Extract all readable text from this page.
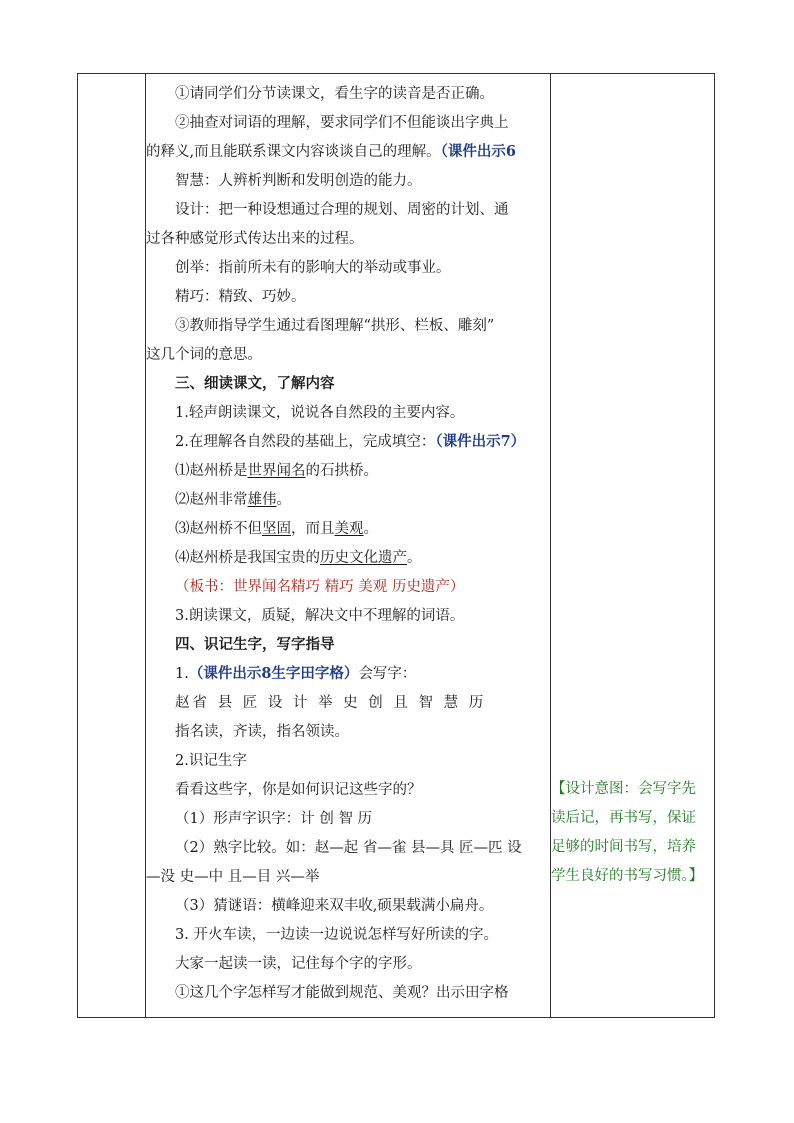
①请同学们分节读课文，看生字的读音是否正确。
②抽查对词语的理解，要求同学们不但能谈出字典上
的释义,而且能联系课文内容谈谈自己的理解。（课件出示6
智慧：人辨析判断和发明创造的能力。
设计：把一种设想通过合理的规划、周密的计划、通
过各种感觉形式传达出来的过程。
创举：指前所未有的影响大的举动或事业。
精巧：精致、巧妙。
③教师指导学生通过看图理解“拱形、栏板、雕刻”
这几个词的意思。
三、细读课文，了解内容
1.轻声朗读课文，说说各自然段的主要内容。
2.在理解各自然段的基础上，完成填空：（课件出示7）
⑴赵州桥是世界闻名的石拱桥。
⑵赵州非常雄伟。
⑶赵州桥不但坚固，而且美观。
⑷赵州桥是我国宝贵的历史文化遗产。
（板书：世界闻名精巧 精巧 美观 历史遗产）
3.朗读课文，质疑，解决文中不理解的词语。
四、识记生字，写字指导
1.（课件出示8生字田字格）会写字：
赵省 县 匠 设 计 举 史 创 且 智 慧 历
指名读，齐读，指名领读。
2.识记生字
看看这些字，你是如何识记这些字的？
（1）形声字识字：计 创 智 历
（2）熟字比较。如：赵—起 省—雀 县—具 匠—匹 设
—没 史—中 且—目 兴—举
（3）猜谜语：横峰迎来双丰收,硕果载满小扁舟。
3. 开火车读，一边读一边说说怎样写好所读的字。
大家一起读一读，记住每个字的字形。
①这几个字怎样写才能做到规范、美观？出示田字格
【设计意图：会写字先
读后记，再书写，保证
足够的时间书写，培养
学生良好的书写习惯。】
